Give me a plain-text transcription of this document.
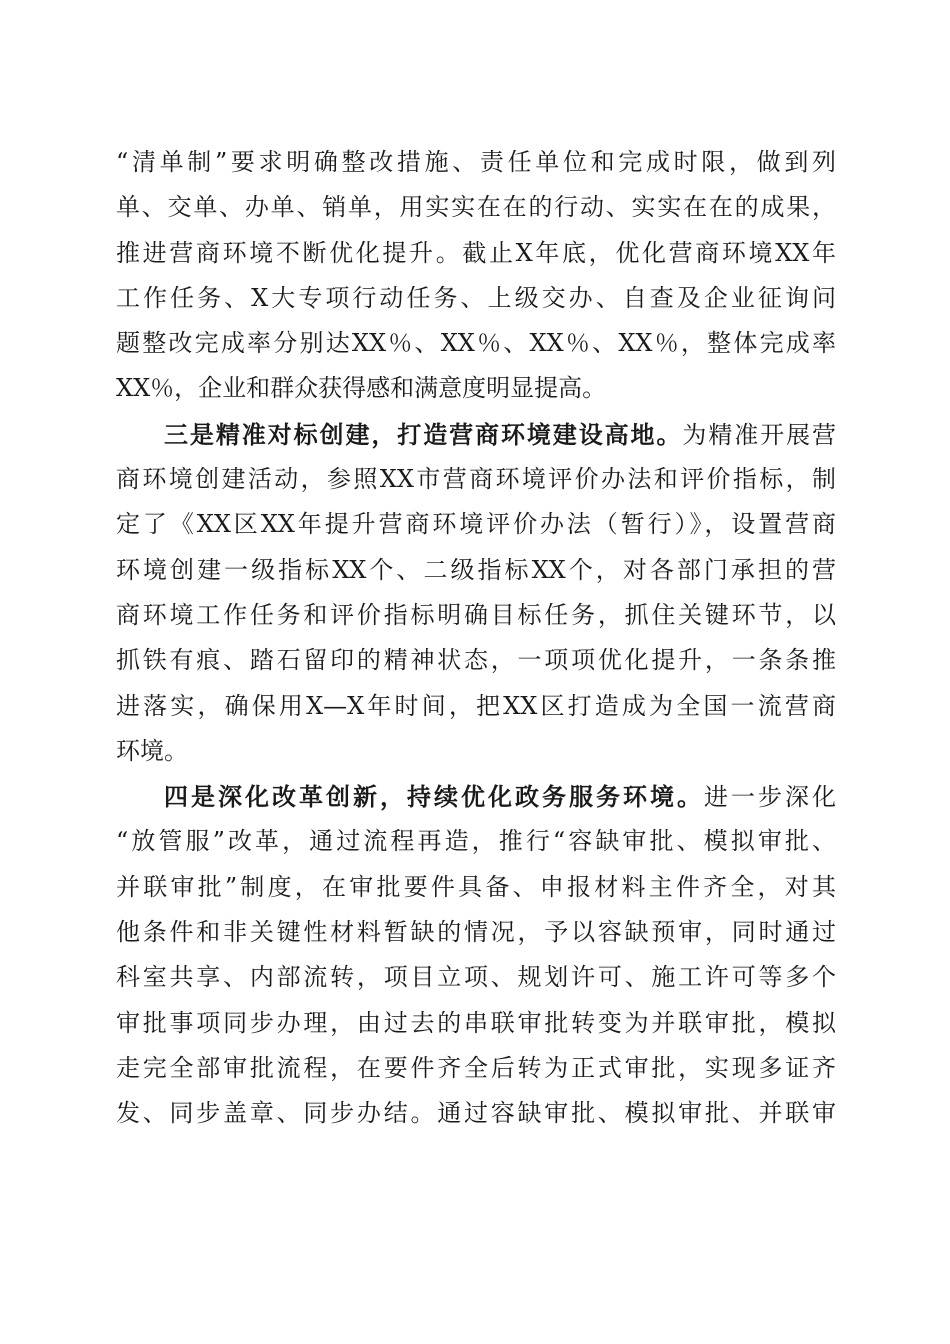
“清单制”要求明确整改措施、责任单位和完成时限，做到列
单、交单、办单、销单，用实实在在的行动、实实在在的成果，
推进营商环境不断优化提升。截止X年底，优化营商环境XX年
工作任务、X大专项行动任务、上级交办、自查及企业征询问
题整改完成率分别达XX％、XX％、XX％、XX％，整体完成率
XX％，企业和群众获得感和满意度明显提高。
三是精准对标创建，打造营商环境建设高地。为精准开展营
商环境创建活动，参照XX市营商环境评价办法和评价指标，制
定了《XX区XX年提升营商环境评价办法（暂行）》，设置营商
环境创建一级指标XX个、二级指标XX个，对各部门承担的营
商环境工作任务和评价指标明确目标任务，抓住关键环节，以
抓铁有痕、踏石留印的精神状态，一项项优化提升，一条条推
进落实，确保用X—X年时间，把XX区打造成为全国一流营商
环境。
四是深化改革创新，持续优化政务服务环境。进一步深化
“放管服”改革，通过流程再造，推行“容缺审批、模拟审批、
并联审批”制度，在审批要件具备、申报材料主件齐全，对其
他条件和非关键性材料暂缺的情况，予以容缺预审，同时通过
科室共享、内部流转，项目立项、规划许可、施工许可等多个
审批事项同步办理，由过去的串联审批转变为并联审批，模拟
走完全部审批流程，在要件齐全后转为正式审批，实现多证齐
发、同步盖章、同步办结。通过容缺审批、模拟审批、并联审
